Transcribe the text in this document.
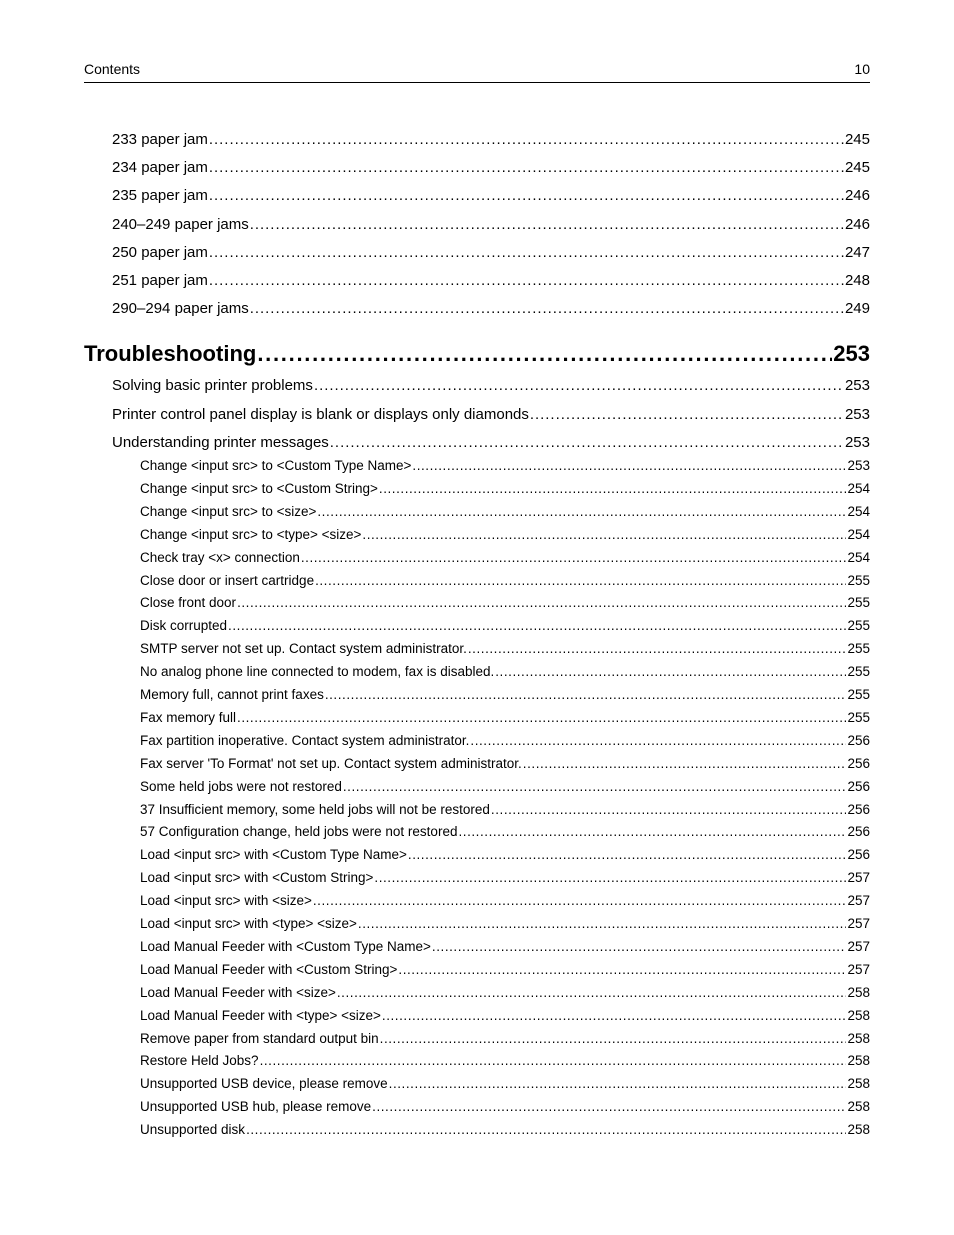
Contents	10
233 paper jam . . .	245
234 paper jam . . .	245
235 paper jam . . .	246
240–249 paper jams . . .	246
250 paper jam . . .	247
251 paper jam . . .	248
290–294 paper jams . . .	249
Troubleshooting . . .	253
Solving basic printer problems . . .	253
Printer control panel display is blank or displays only diamonds . . .	253
Understanding printer messages . . .	253
Change <input src> to <Custom Type Name> . . .	253
Change <input src> to <Custom String> . . .	254
Change <input src> to <size> . . .	254
Change <input src> to <type> <size> . . .	254
Check tray <x> connection . . .	254
Close door or insert cartridge . . .	255
Close front door . . .	255
Disk corrupted . . .	255
SMTP server not set up. Contact system administrator. . . .	255
No analog phone line connected to modem, fax is disabled. . . .	255
Memory full, cannot print faxes . . .	255
Fax memory full . . .	255
Fax partition inoperative. Contact system administrator. . . .	256
Fax server 'To Format' not set up. Contact system administrator. . . .	256
Some held jobs were not restored . . .	256
37 Insufficient memory, some held jobs will not be restored . . .	256
57 Configuration change, held jobs were not restored . . .	256
Load <input src> with <Custom Type Name> . . .	256
Load <input src> with <Custom String> . . .	257
Load <input src> with <size> . . .	257
Load <input src> with <type> <size> . . .	257
Load Manual Feeder with <Custom Type Name> . . .	257
Load Manual Feeder with <Custom String> . . .	257
Load Manual Feeder with <size> . . .	258
Load Manual Feeder with <type> <size> . . .	258
Remove paper from standard output bin . . .	258
Restore Held Jobs? . . .	258
Unsupported USB device, please remove . . .	258
Unsupported USB hub, please remove . . .	258
Unsupported disk . . .	258
